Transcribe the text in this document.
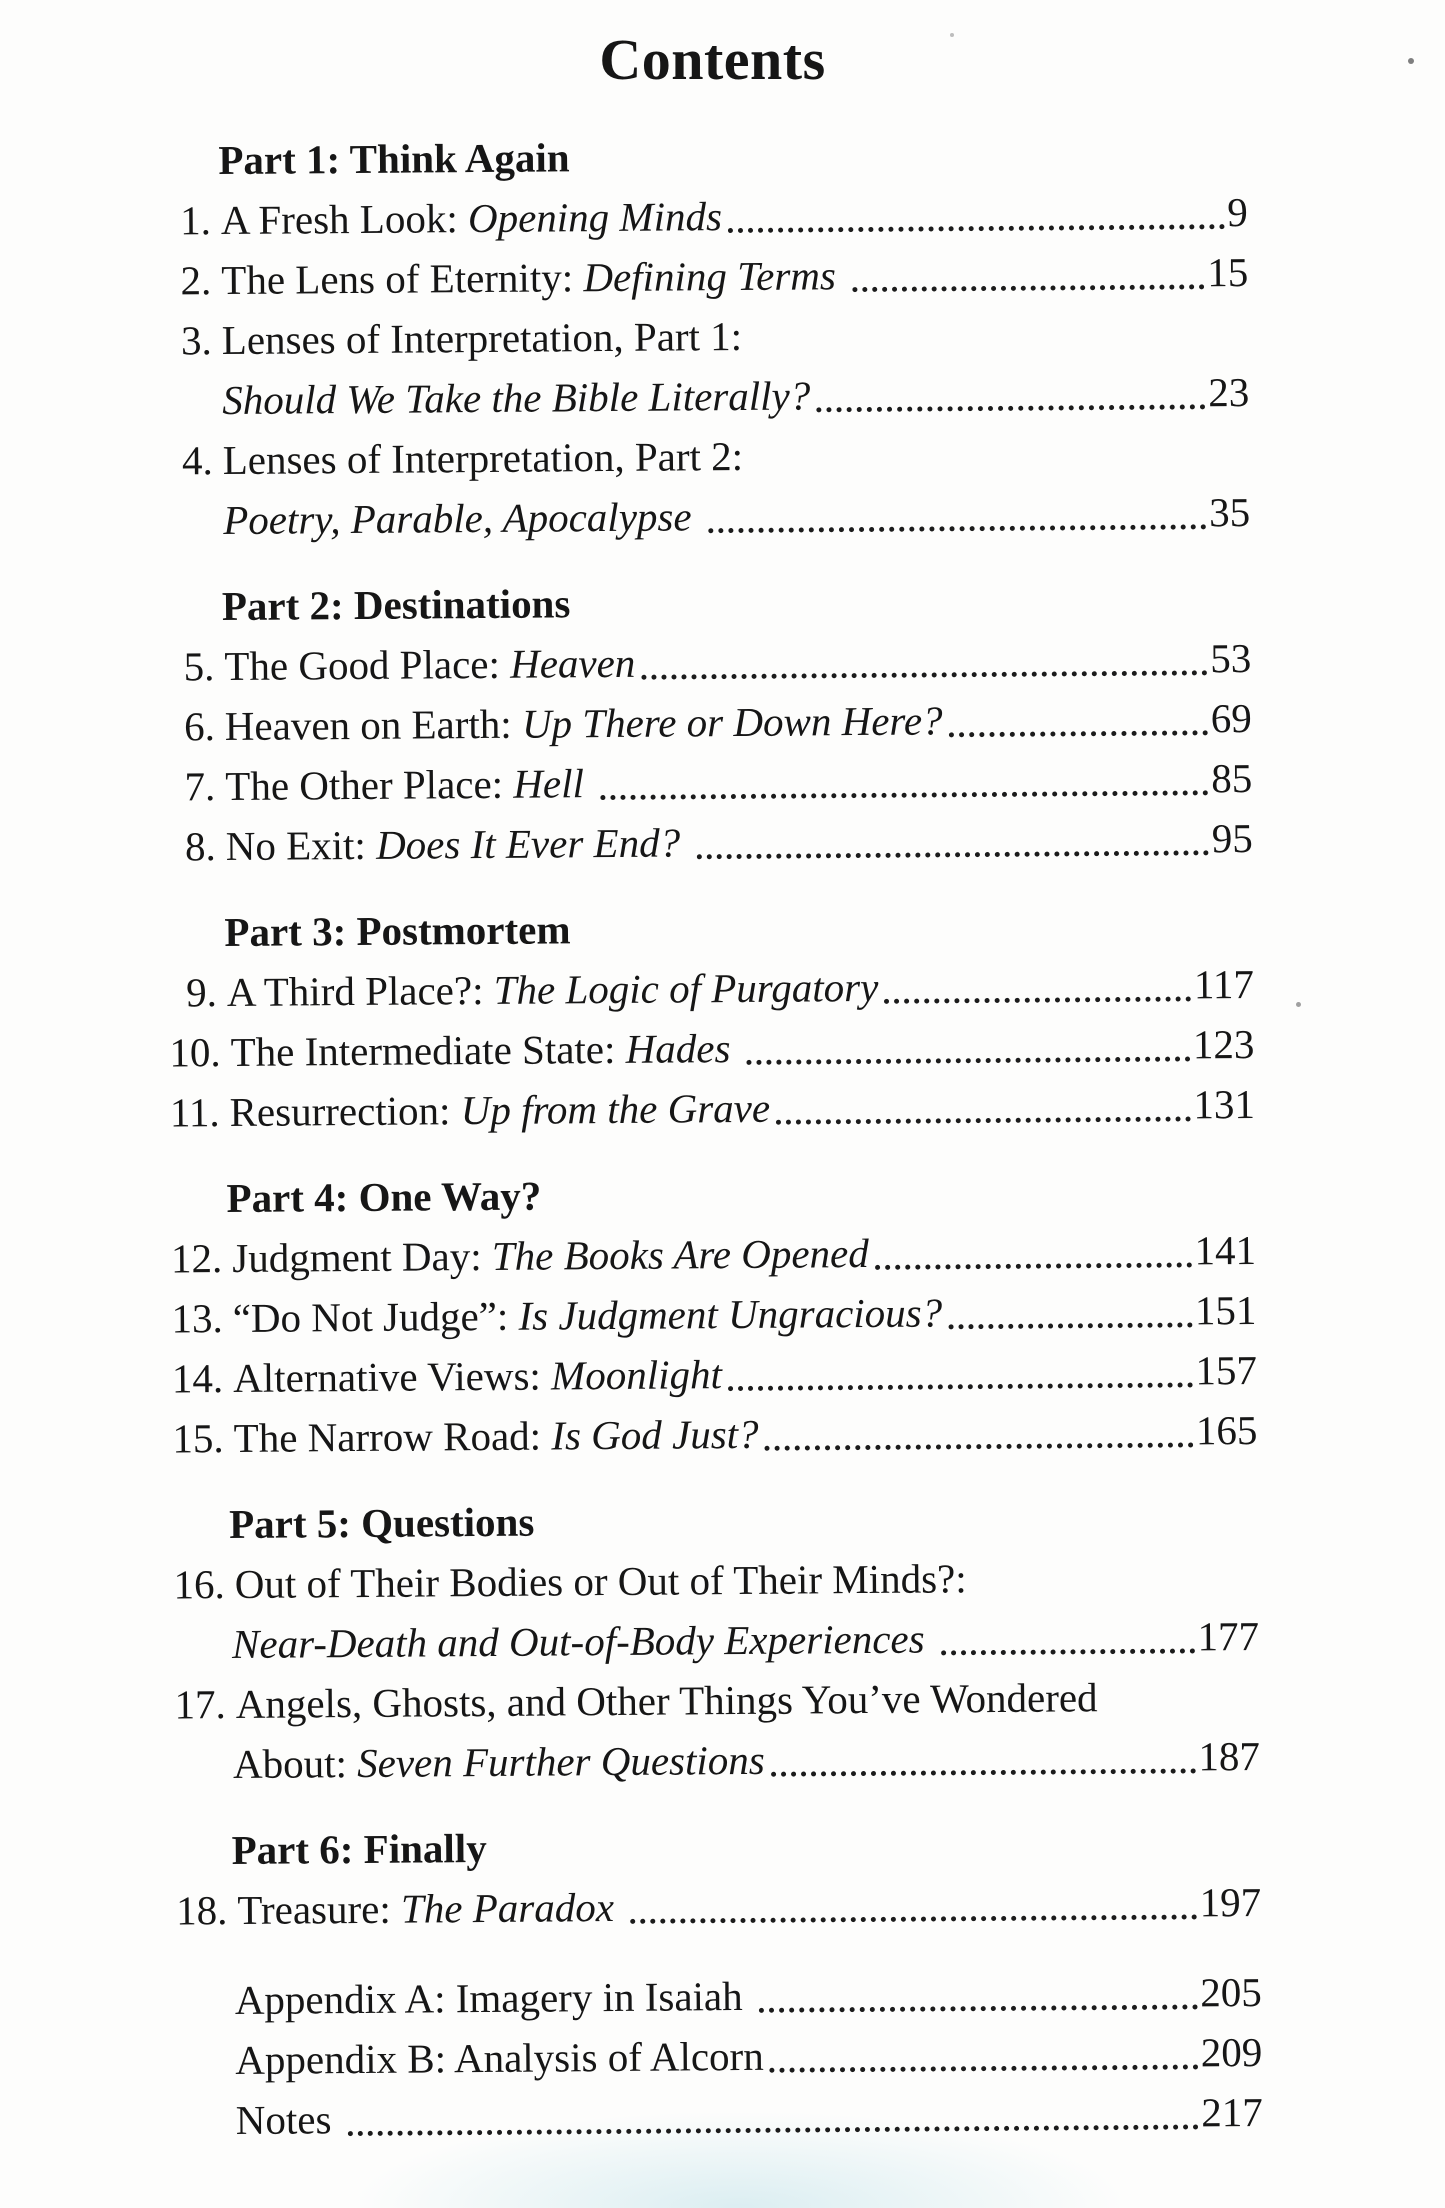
Contents
Part 1: Think Again
1. A Fresh Look: Opening Minds	9
2. The Lens of Eternity: Defining Terms	15
3. Lenses of Interpretation, Part 1:
Should We Take the Bible Literally?	23
4. Lenses of Interpretation, Part 2:
Poetry, Parable, Apocalypse	35
Part 2: Destinations
5. The Good Place: Heaven	53
6. Heaven on Earth: Up There or Down Here?	69
7. The Other Place: Hell	85
8. No Exit: Does It Ever End?	95
Part 3: Postmortem
9. A Third Place?: The Logic of Purgatory	117
10. The Intermediate State: Hades	123
11. Resurrection: Up from the Grave	131
Part 4: One Way?
12. Judgment Day: The Books Are Opened	141
13. “Do Not Judge”: Is Judgment Ungracious?	151
14. Alternative Views: Moonlight	157
15. The Narrow Road: Is God Just?	165
Part 5: Questions
16. Out of Their Bodies or Out of Their Minds?:
Near-Death and Out-of-Body Experiences	177
17. Angels, Ghosts, and Other Things You’ve Wondered
About: Seven Further Questions	187
Part 6: Finally
18. Treasure: The Paradox	197
Appendix A: Imagery in Isaiah	205
Appendix B: Analysis of Alcorn	209
Notes	217
